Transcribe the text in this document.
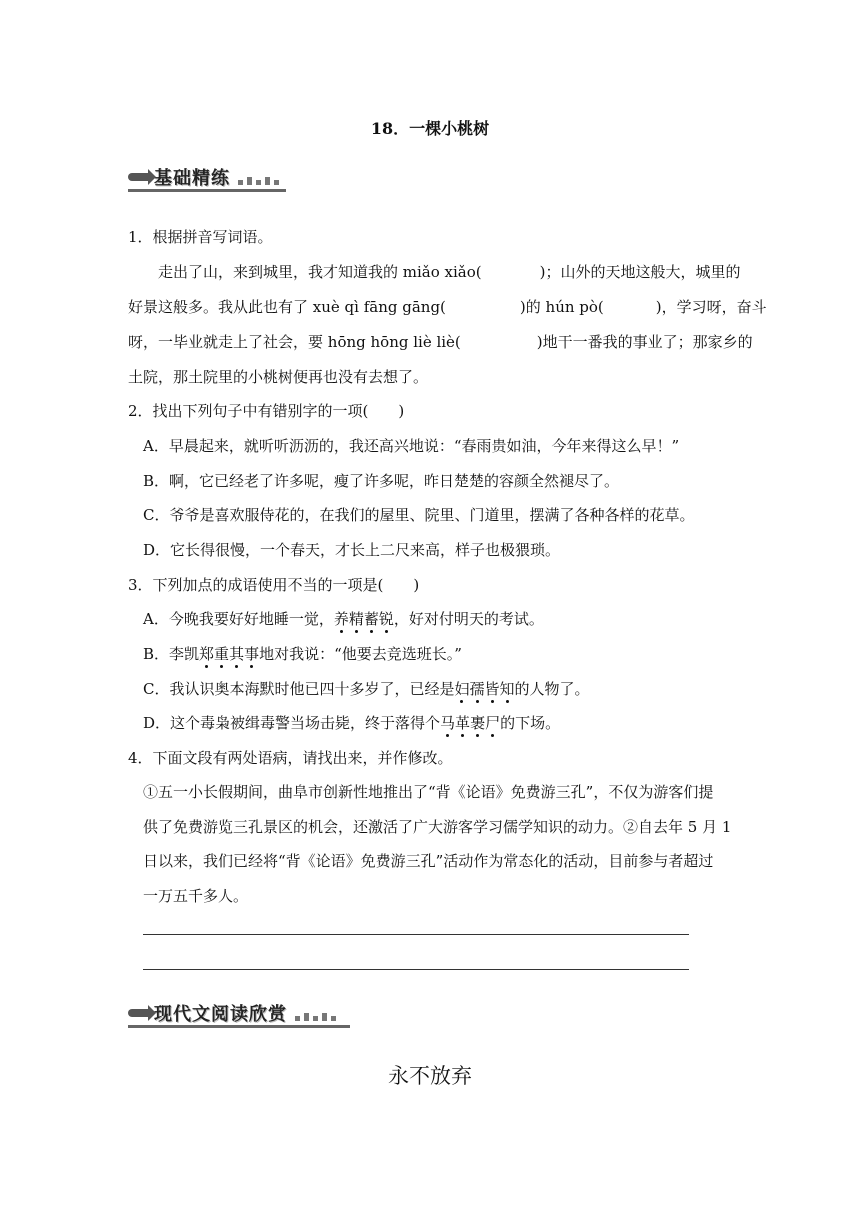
18．一棵小桃树
基础精练
1．根据拼音写词语。
走出了山，来到城里，我才知道我的 miǎo xiǎo(	)；山外的天地这般大，城里的
好景这般多。我从此也有了 xuè qì fāng gāng(	)的 hún pò(	)，学习呀，奋斗
呀，一毕业就走上了社会，要 hōng hōng liè liè(	)地干一番我的事业了；那家乡的
土院，那土院里的小桃树便再也没有去想了。
2．找出下列句子中有错别字的一项(　　)
A．早晨起来，就听听沥沥的，我还高兴地说：“春雨贵如油，今年来得这么早！”
B．啊，它已经老了许多呢，瘦了许多呢，昨日楚楚的容颜全然褪尽了。
C．爷爷是喜欢服侍花的，在我们的屋里、院里、门道里，摆满了各种各样的花草。
D．它长得很慢，一个春天，才长上二尺来高，样子也极猥琐。
3．下列加点的成语使用不当的一项是(　　)
A．今晚我要好好地睡一觉，养精蓄锐，好对付明天的考试。
B．李凯郑重其事地对我说：“他要去竞选班长。”
C．我认识奥本海默时他已四十多岁了，已经是妇孺皆知的人物了。
D．这个毒枭被缉毒警当场击毙，终于落得个马革裹尸的下场。
4．下面文段有两处语病，请找出来，并作修改。
①五一小长假期间，曲阜市创新性地推出了“背《论语》免费游三孔”，不仅为游客们提
供了免费游览三孔景区的机会，还激活了广大游客学习儒学知识的动力。②自去年 5 月 1
日以来，我们已经将“背《论语》免费游三孔”活动作为常态化的活动，目前参与者超过
一万五千多人。
现代文阅读欣赏
永不放弃
